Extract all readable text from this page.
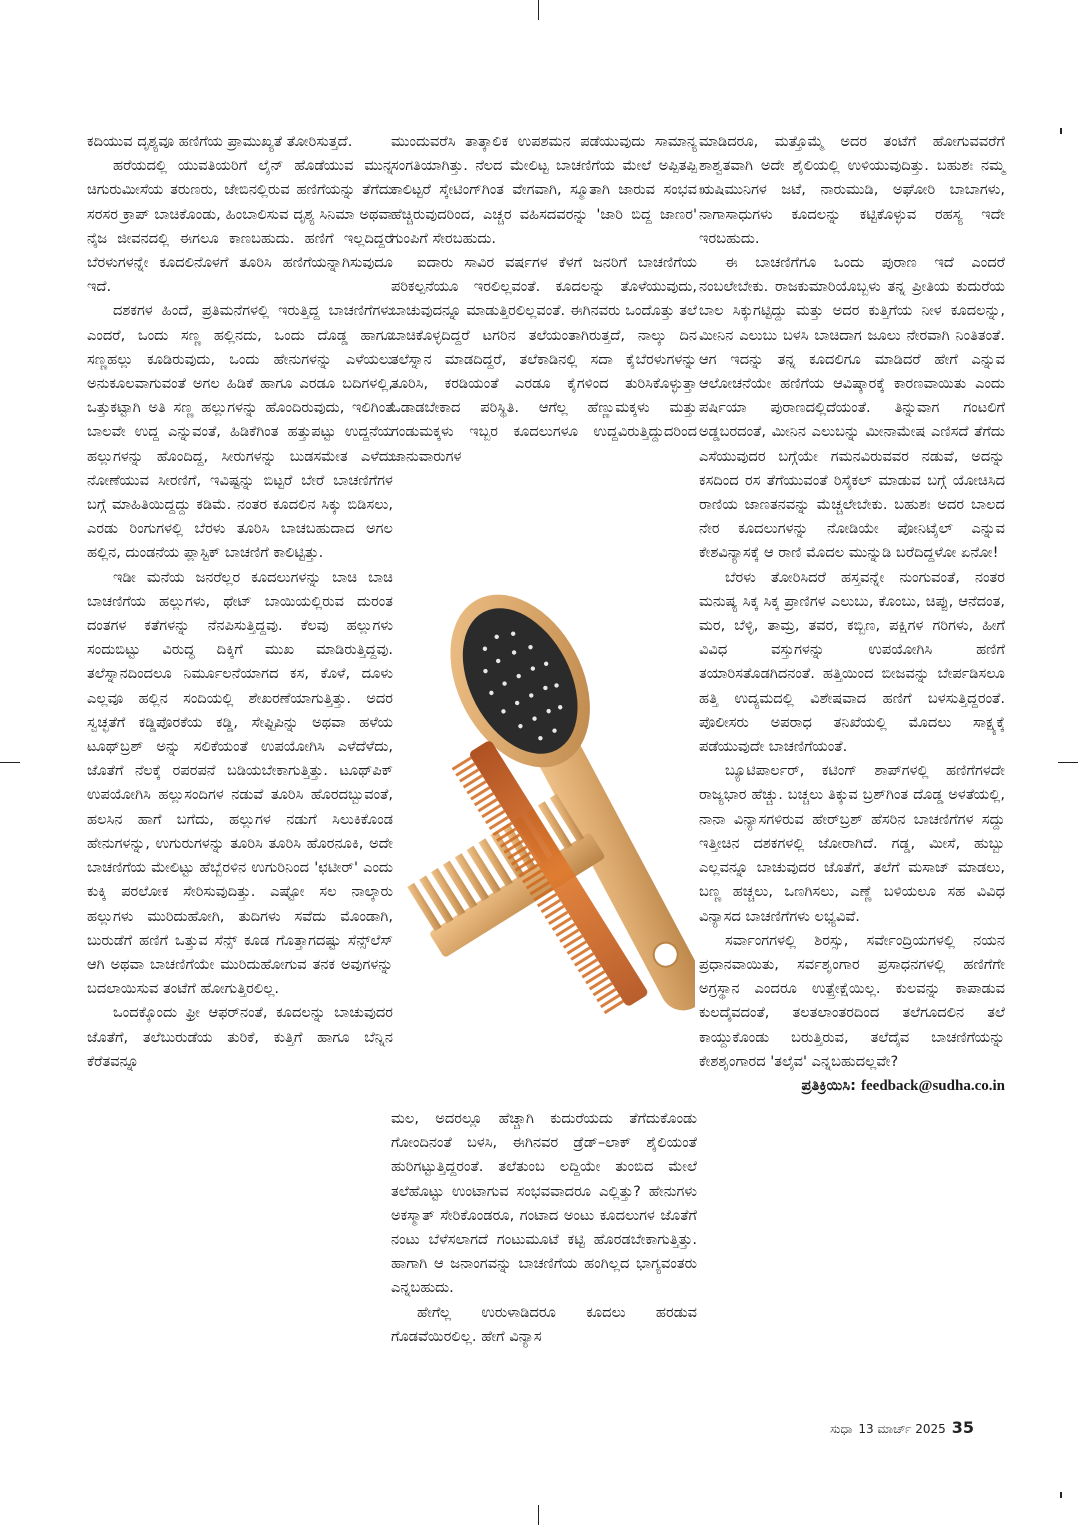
ಕದಿಯುವ ದೃಶ್ಯವೂ ಹಣಿಗೆಯ ಪ್ರಾಮುಖ್ಯತೆ ತೋರಿಸುತ್ತದೆ.

ಹರೆಯದಲ್ಲಿ ಯುವತಿಯರಿಗೆ ಲೈನ್ ಹೊಡೆಯುವ ಮುನ್ನ ಚಿಗುರುಮೀಸೆಯ ತರುಣರು, ಜೇಬಿನಲ್ಲಿರುವ ಹಣಿಗೆಯನ್ನು ತೆಗೆದು ಸರಸರ ಕ್ರಾಪ್ ಬಾಚಿಕೊಂಡು, ಹಿಂಬಾಲಿಸುವ ದೃಶ್ಯ ಸಿನಿಮಾ ಅಥವಾ ನೈಜ ಜೀವನದಲ್ಲಿ ಈಗಲೂ ಕಾಣಬಹುದು. ಹಣಿಗೆ ಇಲ್ಲದಿದ್ದರೆ ಬೆರಳುಗಳನ್ನೇ ಕೂದಲಿನೊಳಗೆ ತೂರಿಸಿ ಹಣಿಗೆಯನ್ನಾಗಿಸುವುದೂ ಇದೆ.

ದಶಕಗಳ ಹಿಂದೆ, ಪ್ರತಿಮನೆಗಳಲ್ಲಿ ಇರುತ್ತಿದ್ದ ಬಾಚಣಿಗೆಗಳು ಎಂದರೆ, ಒಂದು ಸಣ್ಣ ಹಲ್ಲಿನದು, ಒಂದು ದೊಡ್ಡ ಹಾಗೂ ಸಣ್ಣಹಲ್ಲು ಕೂಡಿರುವುದು, ಒಂದು ಹೇನುಗಳನ್ನು ಎಳೆಯಲು ಅನುಕೂಲವಾಗುವಂತೆ ಅಗಲ ಹಿಡಿಕೆ ಹಾಗೂ ಎರಡೂ ಬದಿಗಳಲ್ಲಿ, ಒತ್ತುಕಟ್ಟಾಗಿ ಅತಿ ಸಣ್ಣ ಹಲ್ಲುಗಳನ್ನು ಹೊಂದಿರುವುದು, ಇಲಿಗಿಂತ ಬಾಲವೇ ಉದ್ದ ಎನ್ನುವಂತೆ, ಹಿಡಿಕೆಗಿಂತ ಹತ್ತುಪಟ್ಟು ಉದ್ದನೆಯ ಹಲ್ಲುಗಳನ್ನು ಹೊಂದಿದ್ದ, ಸೀರುಗಳನ್ನು ಬುಡಸಮೇತ ಎಳೆದು ನೋಣೆಯುವ ಸೀರಣಿಗೆ, ಇವಿಷ್ಟನ್ನು ಬಿಟ್ಟರೆ ಬೇರೆ ಬಾಚಣಿಗೆಗಳ ಬಗ್ಗೆ ಮಾಹಿತಿಯಿದ್ದದ್ದು ಕಡಿಮೆ. ನಂತರ ಕೂದಲಿನ ಸಿಕ್ಕು ಬಿಡಿಸಲು, ಎರಡು ರಿಂಗುಗಳಲ್ಲಿ ಬೆರಳು ತೂರಿಸಿ ಬಾಚಬಹುದಾದ ಅಗಲ ಹಲ್ಲಿನ, ದುಂಡನೆಯ ಪ್ಲಾಸ್ಟಿಕ್ ಬಾಚಣಿಗೆ ಕಾಲಿಟ್ಟಿತ್ತು.

ಇಡೀ ಮನೆಯ ಜನರೆಲ್ಲರ ಕೂದಲುಗಳನ್ನು ಬಾಚಿ ಬಾಚಿ ಬಾಚಣಿಗೆಯ ಹಲ್ಲುಗಳು, ಥೇಟ್ ಬಾಯಿಯಲ್ಲಿರುವ ದುರಂತ ದಂತಗಳ ಕತೆಗಳನ್ನು ನೆನಪಿಸುತ್ತಿದ್ದವು. ಕೆಲವು ಹಲ್ಲುಗಳು ಸಂದುಬಿಟ್ಟು ವಿರುದ್ಧ ದಿಕ್ಕಿಗೆ ಮುಖ ಮಾಡಿರುತ್ತಿದ್ದವು. ತಲೆಸ್ನಾನದಿಂದಲೂ ನಿರ್ಮೂಲನೆಯಾಗದ ಕಸ, ಕೊಳೆ, ದೂಳು ಎಲ್ಲವೂ ಹಲ್ಲಿನ ಸಂದಿಯಲ್ಲಿ ಶೇಖರಣೆಯಾಗುತ್ತಿತ್ತು. ಅದರ ಸ್ವಚ್ಛತೆಗೆ ಕಡ್ಡಿಪೊರಕೆಯ ಕಡ್ಡಿ, ಸೇಫ್ಟಿಪಿನ್ನು ಅಥವಾ ಹಳೆಯ ಟೂಥ್‌ಬ್ರಶ್ ಅನ್ನು ಸಲಿಕೆಯಂತೆ ಉಪಯೋಗಿಸಿ ಎಳೆದೆಳೆದು, ಜೊತೆಗೆ ನೆಲಕ್ಕೆ ರಪರಪನೆ ಬಡಿಯಬೇಕಾಗುತ್ತಿತ್ತು. ಟೂಥ್‌ಪಿಕ್ ಉಪಯೋಗಿಸಿ ಹಲ್ಲುಸಂದಿಗಳ ನಡುವೆ ತೂರಿಸಿ ಹೊರದಬ್ಬುವಂತೆ, ಹಲಸಿನ ಹಾಗೆ ಬಗೆದು, ಹಲ್ಲುಗಳ ನಡುಗೆ ಸಿಲುಕಿಕೊಂಡ ಹೇನುಗಳನ್ನು, ಉಗುರುಗಳನ್ನು ತೂರಿಸಿ ತೂರಿಸಿ ಹೊರನೂಕಿ, ಅದೇ ಬಾಚಣಿಗೆಯ ಮೇಲಿಟ್ಟು ಹೆಬ್ಬೆರಳಿನ ಉಗುರಿನಿಂದ 'ಛಟೀರ್' ಎಂದು ಕುಕ್ಕಿ ಪರಲೋಕ ಸೇರಿಸುವುದಿತ್ತು. ಎಷ್ಟೋ ಸಲ ನಾಲ್ಕಾರು ಹಲ್ಲುಗಳು ಮುರಿದುಹೋಗಿ, ತುದಿಗಳು ಸವೆದು ಮೊಂಡಾಗಿ, ಬುರುಡೆಗೆ ಹಣಿಗೆ ಒತ್ತುವ ಸೆನ್ಸ್ ಕೂಡ ಗೊತ್ತಾಗದಷ್ಟು ಸೆನ್ಸ್‌ಲೆಸ್ ಆಗಿ ಅಥವಾ ಬಾಚಣಿಗೆಯೇ ಮುರಿದುಹೋಗುವ ತನಕ ಅವುಗಳನ್ನು ಬದಲಾಯಿಸುವ ತಂಟೆಗೆ ಹೋಗುತ್ತಿರಲಿಲ್ಲ.

ಒಂದಕ್ಕೊಂದು ಫ್ರೀ ಆಫರ್‌ನಂತೆ, ಕೂದಲನ್ನು ಬಾಚುವುದರ ಜೊತೆಗೆ, ತಲೆಬುರುಡೆಯ ತುರಿಕೆ, ಕುತ್ತಿಗೆ ಹಾಗೂ ಬೆನ್ನಿನ ಕೆರೆತವನ್ನೂ

ಮುಂದುವರೆಸಿ ತಾತ್ಕಾಲಿಕ ಉಪಶಮನ ಪಡೆಯುವುದು ಸಾಮಾನ್ಯ ಸಂಗತಿಯಾಗಿತ್ತು. ನೆಲದ ಮೇಲಿಟ್ಟ ಬಾಚಣಿಗೆಯ ಮೇಲೆ ಅಪ್ಪಿತಪ್ಪಿ ಕಾಲಿಟ್ಟರೆ ಸ್ಕೇಟಿಂಗ್‌ಗಿಂತ ವೇಗವಾಗಿ, ಸ್ಮೂತಾಗಿ ಜಾರುವ ಸಂಭವ ಹೆಚ್ಚಿರುವುದರಿಂದ, ಎಚ್ಚರ ವಹಿಸದವರನ್ನು 'ಜಾರಿ ಬಿದ್ದ ಜಾಣರ' ಗುಂಪಿಗೆ ಸೇರಬಹುದು.

ಐದಾರು ಸಾವಿರ ವರ್ಷಗಳ ಕೆಳಗೆ ಜನರಿಗೆ ಬಾಚಣಿಗೆಯ ಪರಿಕಲ್ಪನೆಯೂ ಇರಲಿಲ್ಲವಂತೆ. ಕೂದಲನ್ನು ತೊಳೆಯುವುದು, ಬಾಚುವುದನ್ನೂ ಮಾಡುತ್ತಿರಲಿಲ್ಲವಂತೆ. ಈಗಿನವರು ಒಂದೊತ್ತು ತಲೆ ಬಾಚಿಕೊಳ್ಳದಿದ್ದರೆ ಟಗರಿನ ತಲೆಯಂತಾಗಿರುತ್ತದೆ, ನಾಲ್ಕು ದಿನ ತಲೆಸ್ನಾನ ಮಾಡದಿದ್ದರೆ, ತಲೆಕಾಡಿನಲ್ಲಿ ಸದಾ ಕೈಬೆರಳುಗಳನ್ನು ತೂರಿಸಿ, ಕರಡಿಯಂತೆ ಎರಡೂ ಕೈಗಳಿಂದ ತುರಿಸಿಕೊಳ್ಳುತ್ತಾ ಓಡಾಡಬೇಕಾದ ಪರಿಸ್ಥಿತಿ. ಆಗೆಲ್ಲ ಹೆಣ್ಣುಮಕ್ಕಳು ಮತ್ತು ಗಂಡುಮಕ್ಕಳು ಇಬ್ಬರ ಕೂದಲುಗಳೂ ಉದ್ದವಿರುತ್ತಿದ್ದುದರಿಂದ ಜಾನುವಾರುಗಳ

ಮಲ, ಅದರಲ್ಲೂ ಹೆಚ್ಚಾಗಿ ಕುದುರೆಯದು ತೆಗೆದುಕೊಂಡು ಗೋಂದಿನಂತೆ ಬಳಸಿ, ಈಗಿನವರ ಡ್ರೆಡ್‌–ಲಾಕ್ ಶೈಲಿಯಂತೆ ಹುರಿಗಟ್ಟುತ್ತಿದ್ದರಂತೆ. ತಲೆತುಂಬ ಲದ್ದಿಯೇ ತುಂಬಿದ ಮೇಲೆ ತಲೆಹೊಟ್ಟು ಉಂಟಾಗುವ ಸಂಭವವಾದರೂ ಎಲ್ಲಿತ್ತು? ಹೇನುಗಳು ಅಕಸ್ಮಾತ್ ಸೇರಿಕೊಂಡರೂ, ಗಂಟಾದ ಅಂಟು ಕೂದಲುಗಳ ಜೊತೆಗೆ ನಂಟು ಬೆಳೆಸಲಾಗದೆ ಗಂಟುಮೂಟೆ ಕಟ್ಟಿ ಹೊರಡಬೇಕಾಗುತ್ತಿತ್ತು. ಹಾಗಾಗಿ ಆ ಜನಾಂಗವನ್ನು ಬಾಚಣಿಗೆಯ ಹಂಗಿಲ್ಲದ ಭಾಗ್ಯವಂತರು ಎನ್ನಬಹುದು.

ಹೇಗೆಲ್ಲ ಉರುಳಾಡಿದರೂ ಕೂದಲು ಹರಡುವ ಗೊಡವೆಯಿರಲಿಲ್ಲ. ಹೇಗೆ ವಿನ್ಯಾಸ

ಮಾಡಿದರೂ, ಮತ್ತೊಮ್ಮೆ ಅದರ ತಂಟೆಗೆ ಹೋಗುವವರೆಗೆ ಶಾಶ್ವತವಾಗಿ ಅದೇ ಶೈಲಿಯಲ್ಲಿ ಉಳಿಯುವುದಿತ್ತು. ಬಹುಶಃ ನಮ್ಮ ಋಷಿಮುನಿಗಳ ಜಟೆ, ನಾರುಮುಡಿ, ಅಘೋರಿ ಬಾಬಾಗಳು, ನಾಗಾಸಾಧುಗಳು ಕೂದಲನ್ನು ಕಟ್ಟಿಕೊಳ್ಳುವ ರಹಸ್ಯ ಇದೇ ಇರಬಹುದು.

ಈ ಬಾಚಣಿಗೆಗೂ ಒಂದು ಪುರಾಣ ಇದೆ ಎಂದರೆ ನಂಬಲೇಬೇಕು. ರಾಜಕುಮಾರಿಯೊಬ್ಬಳು ತನ್ನ ಪ್ರೀತಿಯ ಕುದುರೆಯ ಬಾಲ ಸಿಕ್ಕುಗಟ್ಟಿದ್ದು ಮತ್ತು ಅದರ ಕುತ್ತಿಗೆಯ ನೀಳ ಕೂದಲನ್ನು, ಮೀನಿನ ಎಲುಬು ಬಳಸಿ ಬಾಚಿದಾಗ ಜೂಲು ನೇರವಾಗಿ ನಿಂತಿತಂತೆ. ಆಗ ಇದನ್ನು ತನ್ನ ಕೂದಲಿಗೂ ಮಾಡಿದರೆ ಹೇಗೆ ಎನ್ನುವ ಆಲೋಚನೆಯೇ ಹಣಿಗೆಯ ಆವಿಷ್ಕಾರಕ್ಕೆ ಕಾರಣವಾಯಿತು ಎಂದು ಪರ್ಷಿಯಾ ಪುರಾಣದಲ್ಲಿದೆಯಂತೆ. ತಿನ್ನುವಾಗ ಗಂಟಲಿಗೆ ಅಡ್ಡಬರದಂತೆ, ಮೀನಿನ ಎಲುಬನ್ನು ಮೀನಾಮೇಷ ಎಣಿಸದೆ ತೆಗೆದು ಎಸೆಯುವುದರ ಬಗ್ಗೆಯೇ ಗಮನವಿರುವವರ ನಡುವೆ, ಅದನ್ನು ಕಸದಿಂದ ರಸ ತೆಗೆಯುವಂತೆ ರಿಸೈಕಲ್ ಮಾಡುವ ಬಗ್ಗೆ ಯೋಚಿಸಿದ ರಾಣಿಯ ಜಾಣತನವನ್ನು ಮೆಚ್ಚಲೇಬೇಕು. ಬಹುಶಃ ಅದರ ಬಾಲದ ನೇರ ಕೂದಲುಗಳನ್ನು ನೋಡಿಯೇ ಪೋನಿಟೈಲ್ ಎನ್ನುವ ಕೇಶವಿನ್ಯಾಸಕ್ಕೆ ಆ ರಾಣಿ ಮೊದಲ ಮುನ್ನುಡಿ ಬರೆದಿದ್ದಳೋ ಏನೋ!

ಬೆರಳು ತೋರಿಸಿದರೆ ಹಸ್ತವನ್ನೇ ನುಂಗುವಂತೆ, ನಂತರ ಮನುಷ್ಯ ಸಿಕ್ಕ ಸಿಕ್ಕ ಪ್ರಾಣಿಗಳ ಎಲುಬು, ಕೊಂಬು, ಚಿಪ್ಪು, ಆನೆದಂತ, ಮರ, ಬೆಳ್ಳಿ, ತಾಮ್ರ, ತವರ, ಕಬ್ಬಿಣ, ಪಕ್ಷಿಗಳ ಗರಿಗಳು, ಹೀಗೆ ವಿವಿಧ ವಸ್ತುಗಳನ್ನು ಉಪಯೋಗಿಸಿ ಹಣಿಗೆ ತಯಾರಿಸತೊಡಗಿದನಂತೆ. ಹತ್ತಿಯಿಂದ ಬೀಜವನ್ನು ಬೇರ್ಪಡಿಸಲೂ ಹತ್ತಿ ಉದ್ಯಮದಲ್ಲಿ ವಿಶೇಷವಾದ ಹಣಿಗೆ ಬಳಸುತ್ತಿದ್ದರಂತೆ. ಪೊಲೀಸರು ಅಪರಾಧ ತನಿಖೆಯಲ್ಲಿ ಮೊದಲು ಸಾಕ್ಷ್ಯಕ್ಕೆ ಪಡೆಯುವುದೇ ಬಾಚಣಿಗೆಯಂತೆ.

ಬ್ಯೂಟಿಪಾರ್ಲರ್, ಕಟಿಂಗ್ ಶಾಪ್‌ಗಳಲ್ಲಿ ಹಣಿಗೆಗಳದೇ ರಾಜ್ಯಭಾರ ಹೆಚ್ಚು. ಬಚ್ಚಲು ತಿಕ್ಕುವ ಬ್ರಶ್‌ಗಿಂತ ದೊಡ್ಡ ಅಳತೆಯಲ್ಲಿ, ನಾನಾ ವಿನ್ಯಾಸಗಳಿರುವ ಹೇರ್‌ಬ್ರಶ್ ಹೆಸರಿನ ಬಾಚಣಿಗೆಗಳ ಸದ್ದು ಇತ್ತೀಚಿನ ದಶಕಗಳಲ್ಲಿ ಜೋರಾಗಿದೆ. ಗಡ್ಡ, ಮೀಸೆ, ಹುಬ್ಬು ಎಲ್ಲವನ್ನೂ ಬಾಚುವುದರ ಜೊತೆಗೆ, ತಲೆಗೆ ಮಸಾಜ್ ಮಾಡಲು, ಬಣ್ಣ ಹಚ್ಚಲು, ಒಣಗಿಸಲು, ಎಣ್ಣೆ ಬಳಿಯಲೂ ಸಹ ವಿವಿಧ ವಿನ್ಯಾಸದ ಬಾಚಣಿಗೆಗಳು ಲಭ್ಯವಿವೆ.

ಸರ್ವಾಂಗಗಳಲ್ಲಿ ಶಿರಸ್ಸು, ಸರ್ವೇಂದ್ರಿಯಗಳಲ್ಲಿ ನಯನ ಪ್ರಧಾನವಾಯಿತು, ಸರ್ವಶೃಂಗಾರ ಪ್ರಸಾಧನಗಳಲ್ಲಿ ಹಣಿಗೆಗೇ ಅಗ್ರಸ್ಥಾನ ಎಂದರೂ ಉತ್ಪ್ರೇಕ್ಷೆಯಿಲ್ಲ. ಕುಲವನ್ನು ಕಾಪಾಡುವ ಕುಲದೈವದಂತೆ, ತಲತಲಾಂತರದಿಂದ ತಲೆಗೂದಲಿನ ತಲೆ ಕಾಯ್ದುಕೊಂಡು ಬರುತ್ತಿರುವ, ತಲೆದೈವ ಬಾಚಣಿಗೆಯನ್ನು ಕೇಶಶೃಂಗಾರದ 'ತಲೈವ' ಎನ್ನಬಹುದಲ್ಲವೇ?

ಪ್ರತಿಕ್ರಿಯಿಸಿ: feedback@sudha.co.in

ಸುಧಾ 13 ಮಾರ್ಚ್ 2025 35
